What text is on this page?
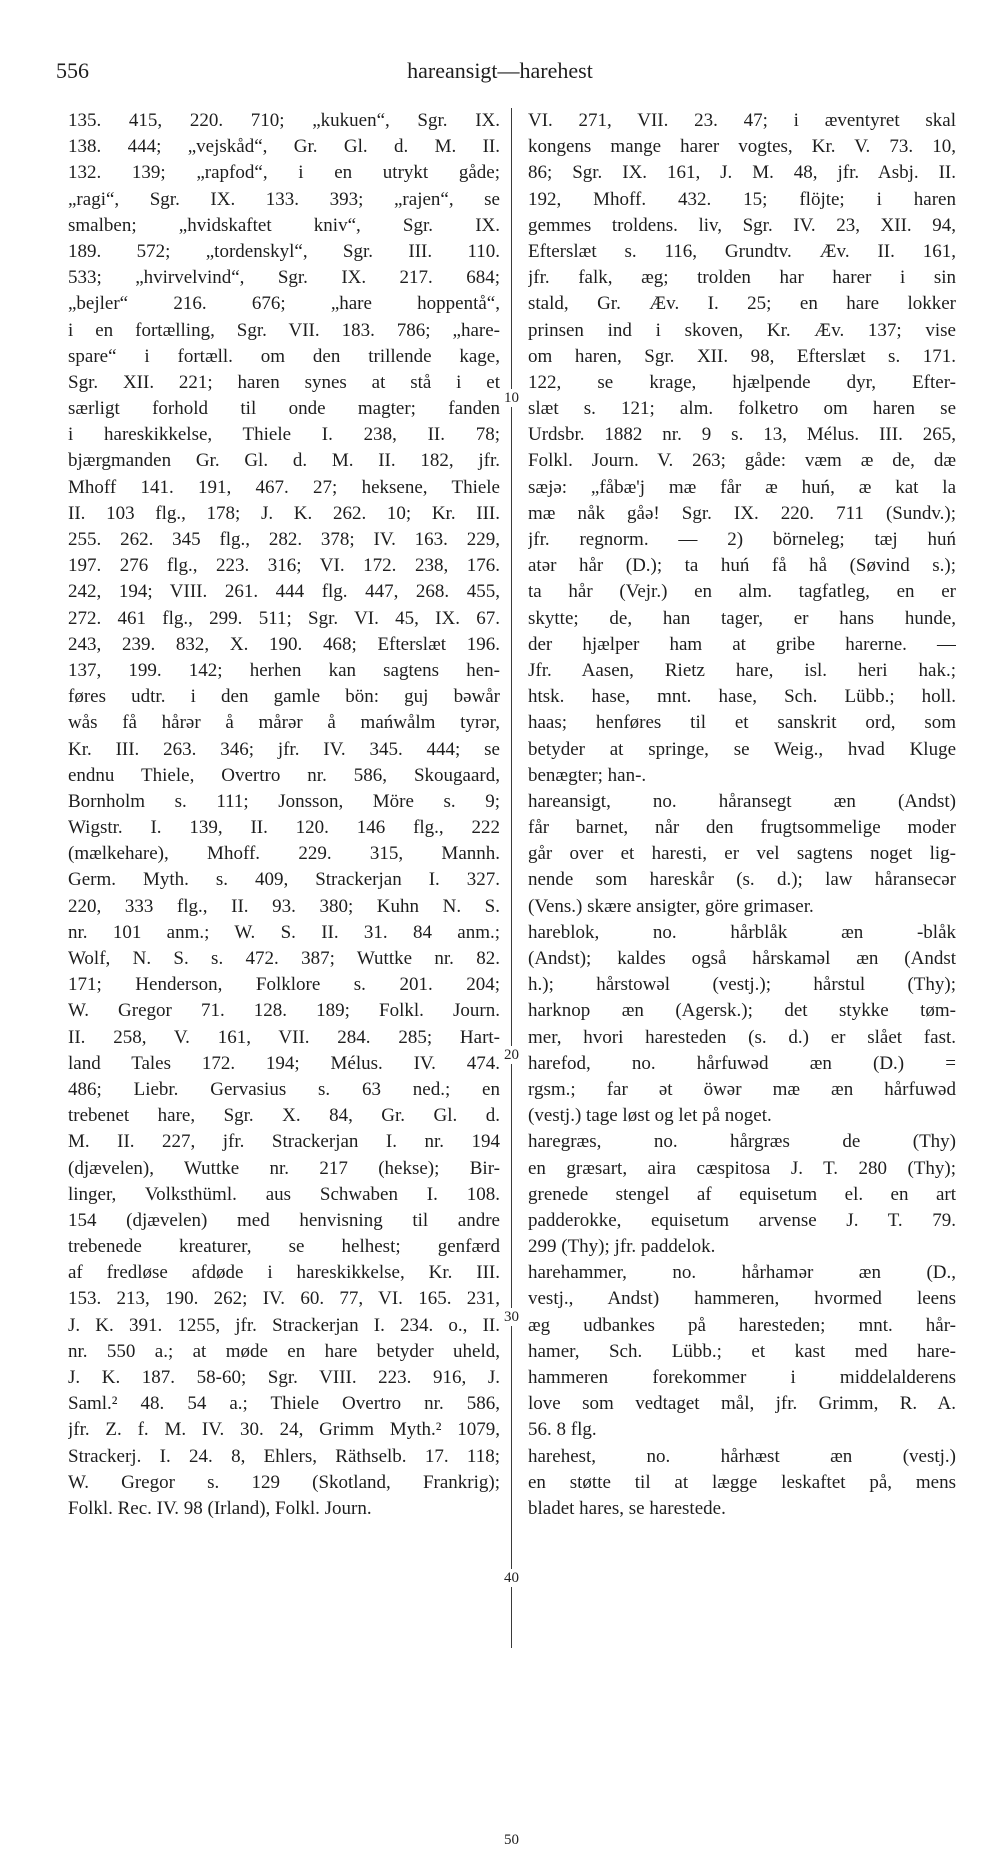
556	hareansigt—harehest
135. 415, 220. 710; „kukuen“, Sgr. IX.
138. 444; „vejskåd“, Gr. Gl. d. M. II.
132. 139; „rapfod“, i en utrykt gåde;
„ragi“, Sgr. IX. 133. 393; „rajen“, se
smalben; „hvidskaftet kniv“, Sgr. IX.
189. 572; „tordenskyl“, Sgr. III. 110.
533; „hvirvelvind“, Sgr. IX. 217. 684;
„bejler“ 216. 676; „hare hoppentå“,
i en fortælling, Sgr. VII. 183. 786; „hare-
spare“ i fortæll. om den trillende kage,
Sgr. XII. 221; haren synes at stå i et
særligt forhold til onde magter; fanden
i hareskikkelse, Thiele I. 238, II. 78;
bjærgmanden Gr. Gl. d. M. II. 182, jfr.
Mhoff 141. 191, 467. 27; heksene, Thiele
II. 103 flg., 178; J. K. 262. 10; Kr. III.
255. 262. 345 flg., 282. 378; IV. 163. 229,
197. 276 flg., 223. 316; VI. 172. 238, 176.
242, 194; VIII. 261. 444 flg. 447, 268. 455,
272. 461 flg., 299. 511; Sgr. VI. 45, IX. 67.
243, 239. 832, X. 190. 468; Efterslæt 196.
137, 199. 142; herhen kan sagtens hen-
føres udtr. i den gamle bön: guj bəwår
wås få hårər å mårər å mańwålm tyrər,
Kr. III. 263. 346; jfr. IV. 345. 444; se
endnu Thiele, Overtro nr. 586, Skougaard,
Bornholm s. 111; Jonsson, Möre s. 9;
Wigstr. I. 139, II. 120. 146 flg., 222
(mælkehare), Mhoff. 229. 315, Mannh.
Germ. Myth. s. 409, Strackerjan I. 327.
220, 333 flg., II. 93. 380; Kuhn N. S.
nr. 101 anm.; W. S. II. 31. 84 anm.;
Wolf, N. S. s. 472. 387; Wuttke nr. 82.
171; Henderson, Folklore s. 201. 204;
W. Gregor 71. 128. 189; Folkl. Journ.
II. 258, V. 161, VII. 284. 285; Hart-
land Tales 172. 194; Mélus. IV. 474.
486; Liebr. Gervasius s. 63 ned.; en
trebenet hare, Sgr. X. 84, Gr. Gl. d.
M. II. 227, jfr. Strackerjan I. nr. 194
(djævelen), Wuttke nr. 217 (hekse); Bir-
linger, Volksthüml. aus Schwaben I. 108.
154 (djævelen) med henvisning til andre
trebenede kreaturer, se helhest; genfærd
af fredløse afdøde i hareskikkelse, Kr. III.
153. 213, 190. 262; IV. 60. 77, VI. 165. 231,
J. K. 391. 1255, jfr. Strackerjan I. 234. o., II.
nr. 550 a.; at møde en hare betyder uheld,
J. K. 187. 58-60; Sgr. VIII. 223. 916, J.
Saml.² 48. 54 a.; Thiele Overtro nr. 586,
jfr. Z. f. M. IV. 30. 24, Grimm Myth.² 1079,
Strackerj. I. 24. 8, Ehlers, Räthselb. 17. 118;
W. Gregor s. 129 (Skotland, Frankrig);
Folkl. Rec. IV. 98 (Irland), Folkl. Journ.
VI. 271, VII. 23. 47; i æventyret skal
kongens mange harer vogtes, Kr. V. 73. 10,
86; Sgr. IX. 161, J. M. 48, jfr. Asbj. II.
192, Mhoff. 432. 15; flöjte; i haren
gemmes troldens. liv, Sgr. IV. 23, XII. 94,
Efterslæt s. 116, Grundtv. Æv. II. 161,
jfr. falk, æg; trolden har harer i sin
stald, Gr. Æv. I. 25; en hare lokker
prinsen ind i skoven, Kr. Æv. 137; vise
om haren, Sgr. XII. 98, Efterslæt s. 171.
122, se krage, hjælpende dyr, Efter-
slæt s. 121; alm. folketro om haren se
Urdsbr. 1882 nr. 9 s. 13, Mélus. III. 265,
Folkl. Journ. V. 263; gåde: væm æ de, dæ
sæjə: „fåbæ'j mæ får æ huń, æ kat la
mæ nåk gåə! Sgr. IX. 220. 711 (Sundv.);
jfr. regnorm. — 2) börneleg; tæj huń
atər hår (D.); ta huń få hå (Søvind s.);
ta hår (Vejr.) en alm. tagfatleg, en er
skytte; de, han tager, er hans hunde,
der hjælper ham at gribe harerne. —
Jfr. Aasen, Rietz hare, isl. heri hak.;
htsk. hase, mnt. hase, Sch. Lübb.; holl.
haas; henføres til et sanskrit ord, som
betyder at springe, se Weig., hvad Kluge
benægter; han-.
hareansigt, no. håransegt æn (Andst)
får barnet, når den frugtsommelige moder
går over et haresti, er vel sagtens noget lig-
nende som hareskår (s. d.); law håransecər
(Vens.) skære ansigter, göre grimaser.
hareblok, no. hårblåk æn -blåk
(Andst); kaldes også hårskaməl æn (Andst
h.); hårstowəl (vestj.); hårstul (Thy);
harknop æn (Agersk.); det stykke tøm-
mer, hvori haresteden (s. d.) er slået fast.
harefod, no. hårfuwəd æn (D.) =
rgsm.; far ət öwər mæ æn hårfuwəd
(vestj.) tage løst og let på noget.
haregræs, no. hårgræs de (Thy)
en græsart, aira cæspitosa J. T. 280 (Thy);
grenede stengel af equisetum el. en art
padderokke, equisetum arvense J. T. 79.
299 (Thy); jfr. paddelok.
harehammer, no. hårhamər æn (D.,
vestj., Andst) hammeren, hvormed leens
æg udbankes på haresteden; mnt. hår-
hamer, Sch. Lübb.; et kast med hare-
hammeren forekommer i middelalderens
love som vedtaget mål, jfr. Grimm, R. A.
56. 8 flg.
harehest, no. hårhæst æn (vestj.)
en støtte til at lægge leskaftet på, mens
bladet hares, se harestede.
10
20
30
40
50
